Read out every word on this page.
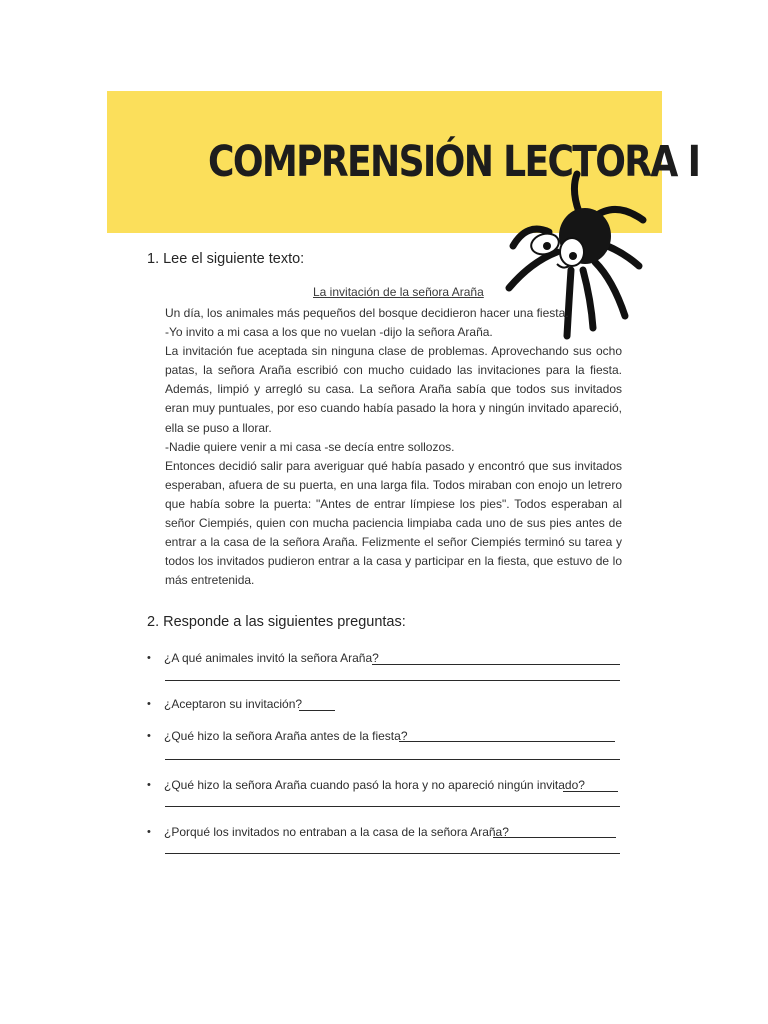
COMPRENSIÓN LECTORA I
1. Lee el siguiente texto:
La invitación de la señora Araña

Un día, los animales más pequeños del bosque decidieron hacer una fiesta.

-Yo invito a mi casa a los que no vuelan -dijo la señora Araña.

La invitación fue aceptada sin ninguna clase de problemas. Aprovechando sus ocho patas, la señora Araña escribió con mucho cuidado las invitaciones para la fiesta. Además, limpió y arregló su casa. La señora Araña sabía que todos sus invitados eran muy puntuales, por eso cuando había pasado la hora y ningún invitado apareció, ella se puso a llorar.

-Nadie quiere venir a mi casa -se decía entre sollozos.

Entonces decidió salir para averiguar qué había pasado y encontró que sus invitados esperaban, afuera de su puerta, en una larga fila. Todos miraban con enojo un letrero que había sobre la puerta: "Antes de entrar límpiese los pies". Todos esperaban al señor Ciempiés, quien con mucha paciencia limpiaba cada uno de sus pies antes de entrar a la casa de la señora Araña. Felizmente el señor Ciempiés terminó su tarea y todos los invitados pudieron entrar a la casa y participar en la fiesta, que estuvo de lo más entretenida.

2. Responde a las siguientes preguntas:
• ¿A qué animales invitó la señora Araña?
• ¿Aceptaron su invitación?
• ¿Qué hizo la señora Araña antes de la fiesta?
• ¿Qué hizo la señora Araña cuando pasó la hora y no apareció ningún invitado?
• ¿Porqué los invitados no entraban a la casa de la señora Araña?
